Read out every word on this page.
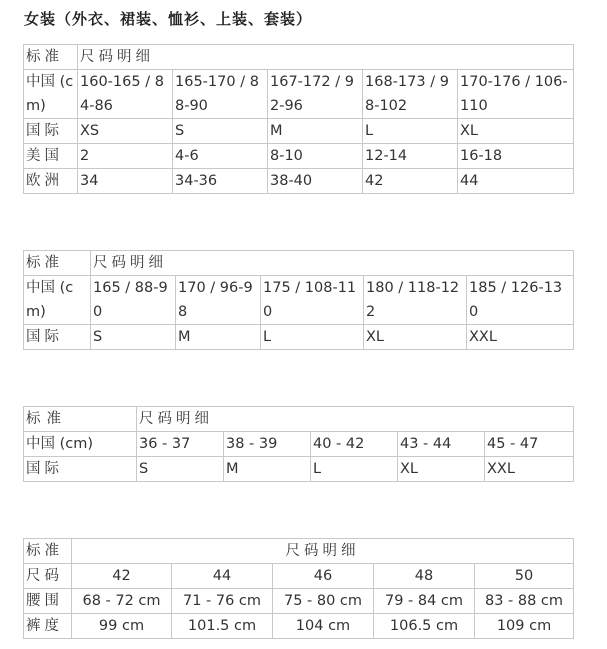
女装（外衣、裙装、恤衫、上装、套装）
标准	尺码明细				
中国 (cm)	160-165 / 84-86	165-170 / 88-90	167-172 / 92-96	168-173 / 98-102	170-176 / 106-110
国际	XS	S	M	L	XL
美国	2	4-6	8-10	12-14	16-18
欧洲	34	34-36	38-40	42	44
标准	尺码明细				
中国 (cm)	165 / 88-90	170 / 96-98	175 / 108-110	180 / 118-122	185 / 126-130
国际	S	M	L	XL	XXL
标准	尺码明细				
中国 (cm)	36 - 37	38 - 39	40 - 42	43 - 44	45 - 47
国际	S	M	L	XL	XXL
标准	尺码明细				
尺码	42	44	46	48	50
腰围	68 - 72 cm	71 - 76 cm	75 - 80 cm	79 - 84 cm	83 - 88 cm
裤度	99 cm	101.5 cm	104 cm	106.5 cm	109 cm
